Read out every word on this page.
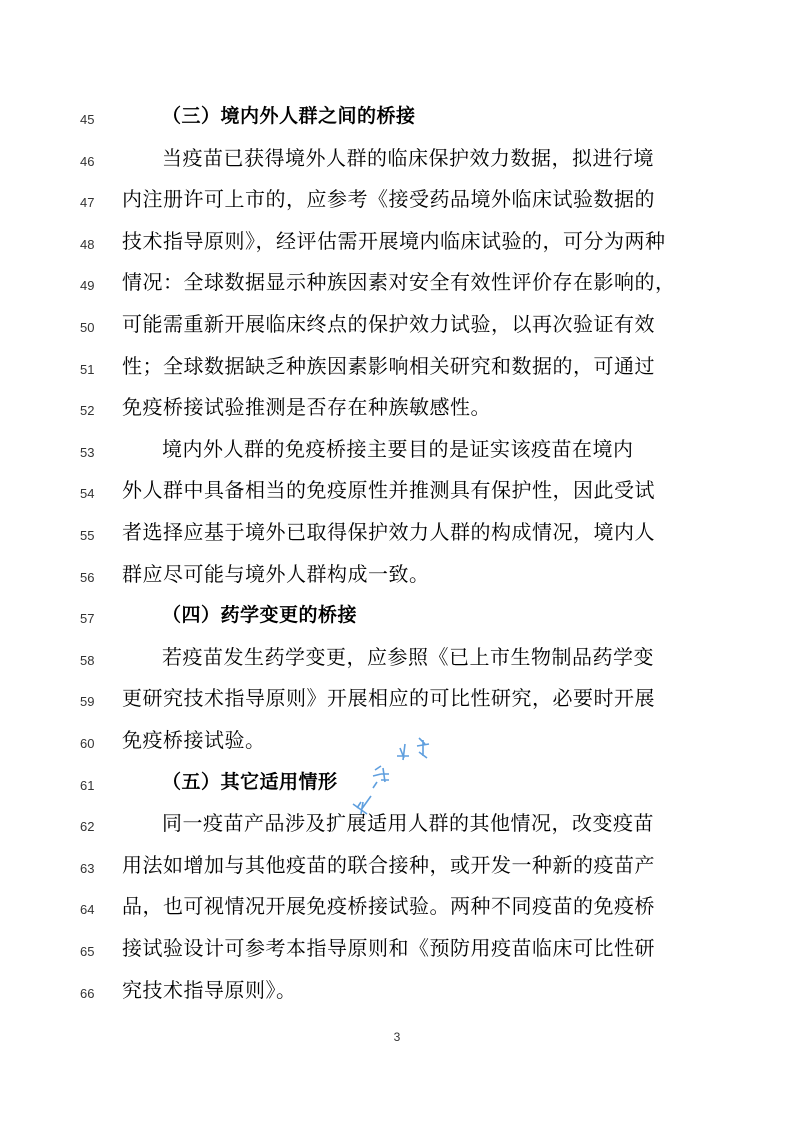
45	（三）境内外人群之间的桥接
46	当疫苗已获得境外人群的临床保护效力数据，拟进行境
47	内注册许可上市的，应参考《接受药品境外临床试验数据的
48	技术指导原则》，经评估需开展境内临床试验的，可分为两种
49	情况：全球数据显示种族因素对安全有效性评价存在影响的，
50	可能需重新开展临床终点的保护效力试验，以再次验证有效
51	性；全球数据缺乏种族因素影响相关研究和数据的，可通过
52	免疫桥接试验推测是否存在种族敏感性。
53	境内外人群的免疫桥接主要目的是证实该疫苗在境内
54	外人群中具备相当的免疫原性并推测具有保护性，因此受试
55	者选择应基于境外已取得保护效力人群的构成情况，境内人
56	群应尽可能与境外人群构成一致。
57	（四）药学变更的桥接
58	若疫苗发生药学变更，应参照《已上市生物制品药学变
59	更研究技术指导原则》开展相应的可比性研究，必要时开展
60	免疫桥接试验。
61	（五）其它适用情形
62	同一疫苗产品涉及扩展适用人群的其他情况，改变疫苗
63	用法如增加与其他疫苗的联合接种，或开发一种新的疫苗产
64	品，也可视情况开展免疫桥接试验。两种不同疫苗的免疫桥
65	接试验设计可参考本指导原则和《预防用疫苗临床可比性研
66	究技术指导原则》。
3
